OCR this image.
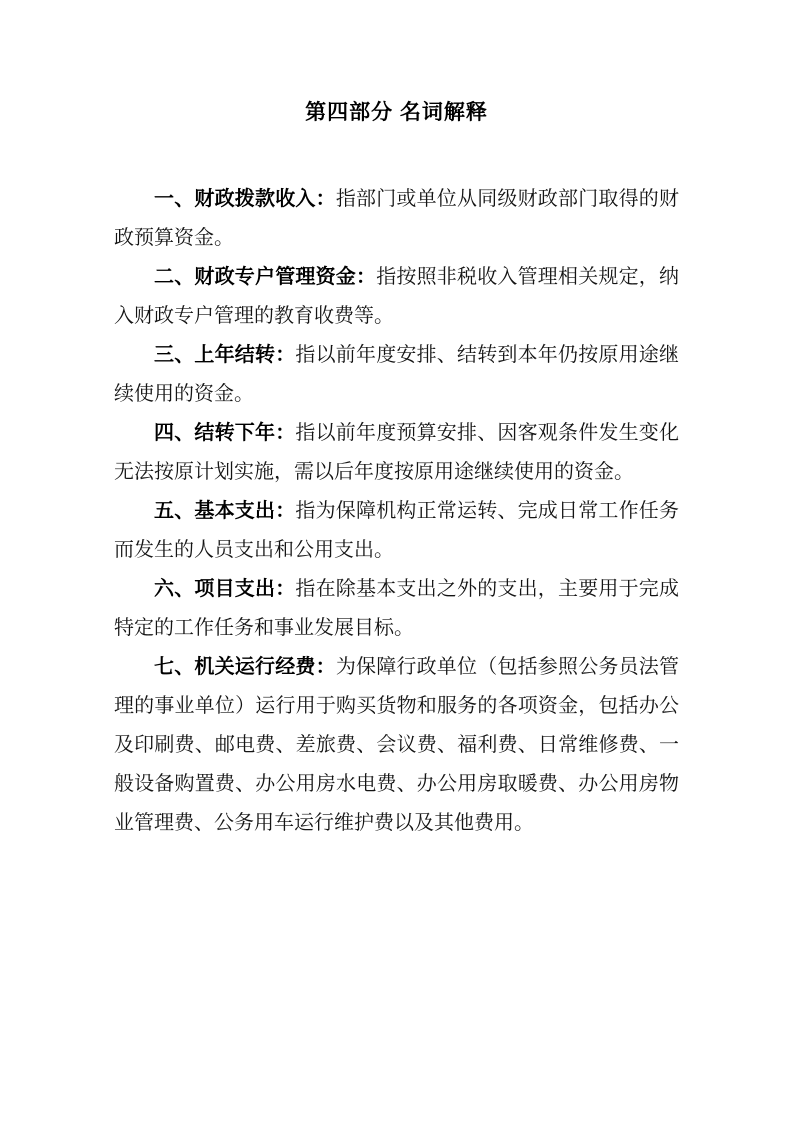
第四部分 名词解释

一、财政拨款收入：指部门或单位从同级财政部门取得的财政预算资金。

二、财政专户管理资金：指按照非税收入管理相关规定，纳入财政专户管理的教育收费等。

三、上年结转：指以前年度安排、结转到本年仍按原用途继续使用的资金。

四、结转下年：指以前年度预算安排、因客观条件发生变化无法按原计划实施，需以后年度按原用途继续使用的资金。

五、基本支出：指为保障机构正常运转、完成日常工作任务而发生的人员支出和公用支出。

六、项目支出：指在除基本支出之外的支出，主要用于完成特定的工作任务和事业发展目标。

七、机关运行经费：为保障行政单位（包括参照公务员法管理的事业单位）运行用于购买货物和服务的各项资金，包括办公及印刷费、邮电费、差旅费、会议费、福利费、日常维修费、一般设备购置费、办公用房水电费、办公用房取暖费、办公用房物业管理费、公务用车运行维护费以及其他费用。
